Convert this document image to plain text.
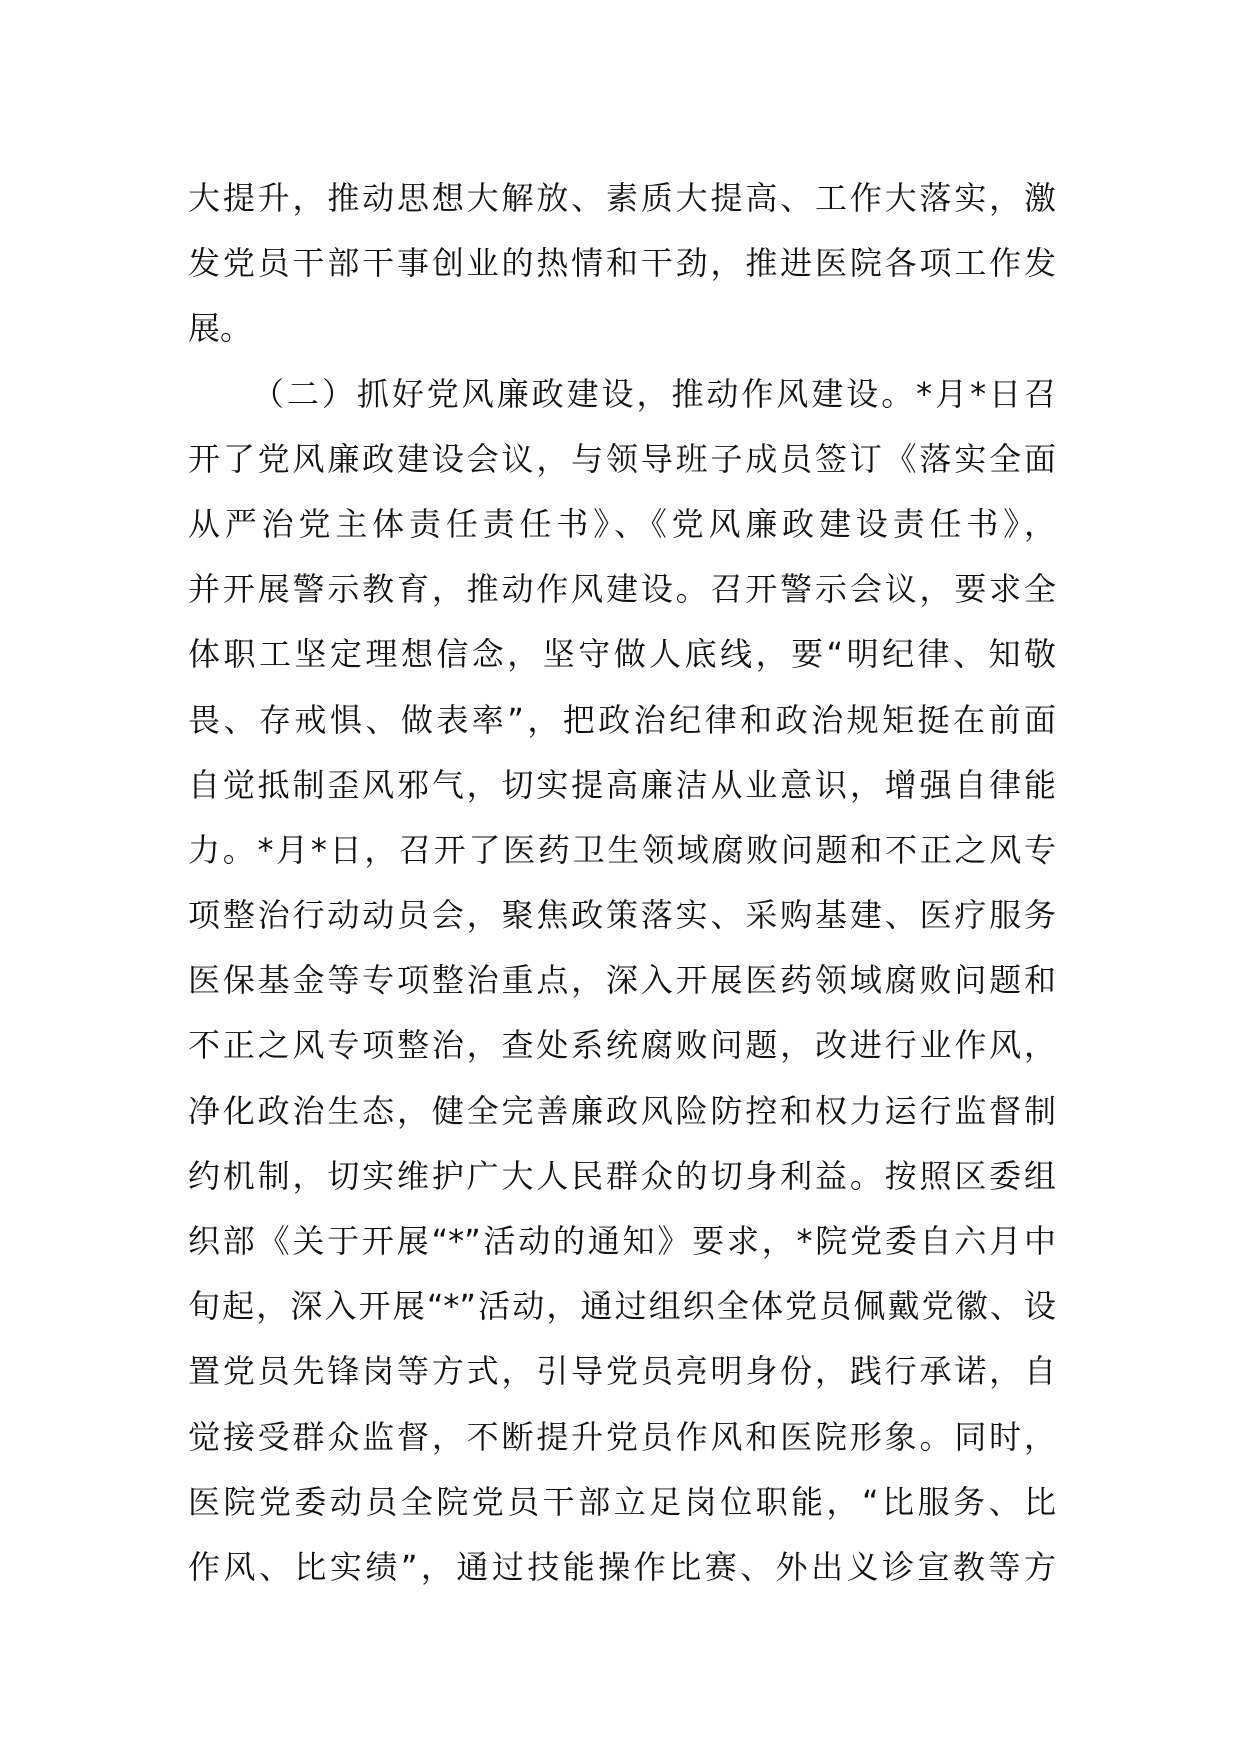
大提升，推动思想大解放、素质大提高、工作大落实，激
发党员干部干事创业的热情和干劲，推进医院各项工作发
展。
（二）抓好党风廉政建设，推动作风建设。*月*日召
开了党风廉政建设会议，与领导班子成员签订《落实全面
从严治党主体责任责任书》、《党风廉政建设责任书》，
并开展警示教育，推动作风建设。召开警示会议，要求全
体职工坚定理想信念，坚守做人底线，要“明纪律、知敬
畏、存戒惧、做表率”，把政治纪律和政治规矩挺在前面
自觉抵制歪风邪气，切实提高廉洁从业意识，增强自律能
力。*月*日，召开了医药卫生领域腐败问题和不正之风专
项整治行动动员会，聚焦政策落实、采购基建、医疗服务
医保基金等专项整治重点，深入开展医药领域腐败问题和
不正之风专项整治，查处系统腐败问题，改进行业作风，
净化政治生态，健全完善廉政风险防控和权力运行监督制
约机制，切实维护广大人民群众的切身利益。按照区委组
织部《关于开展“*”活动的通知》要求，*院党委自六月中
旬起，深入开展“*”活动，通过组织全体党员佩戴党徽、设
置党员先锋岗等方式，引导党员亮明身份，践行承诺，自
觉接受群众监督，不断提升党员作风和医院形象。同时，
医院党委动员全院党员干部立足岗位职能，“比服务、比
作风、比实绩”，通过技能操作比赛、外出义诊宣教等方
